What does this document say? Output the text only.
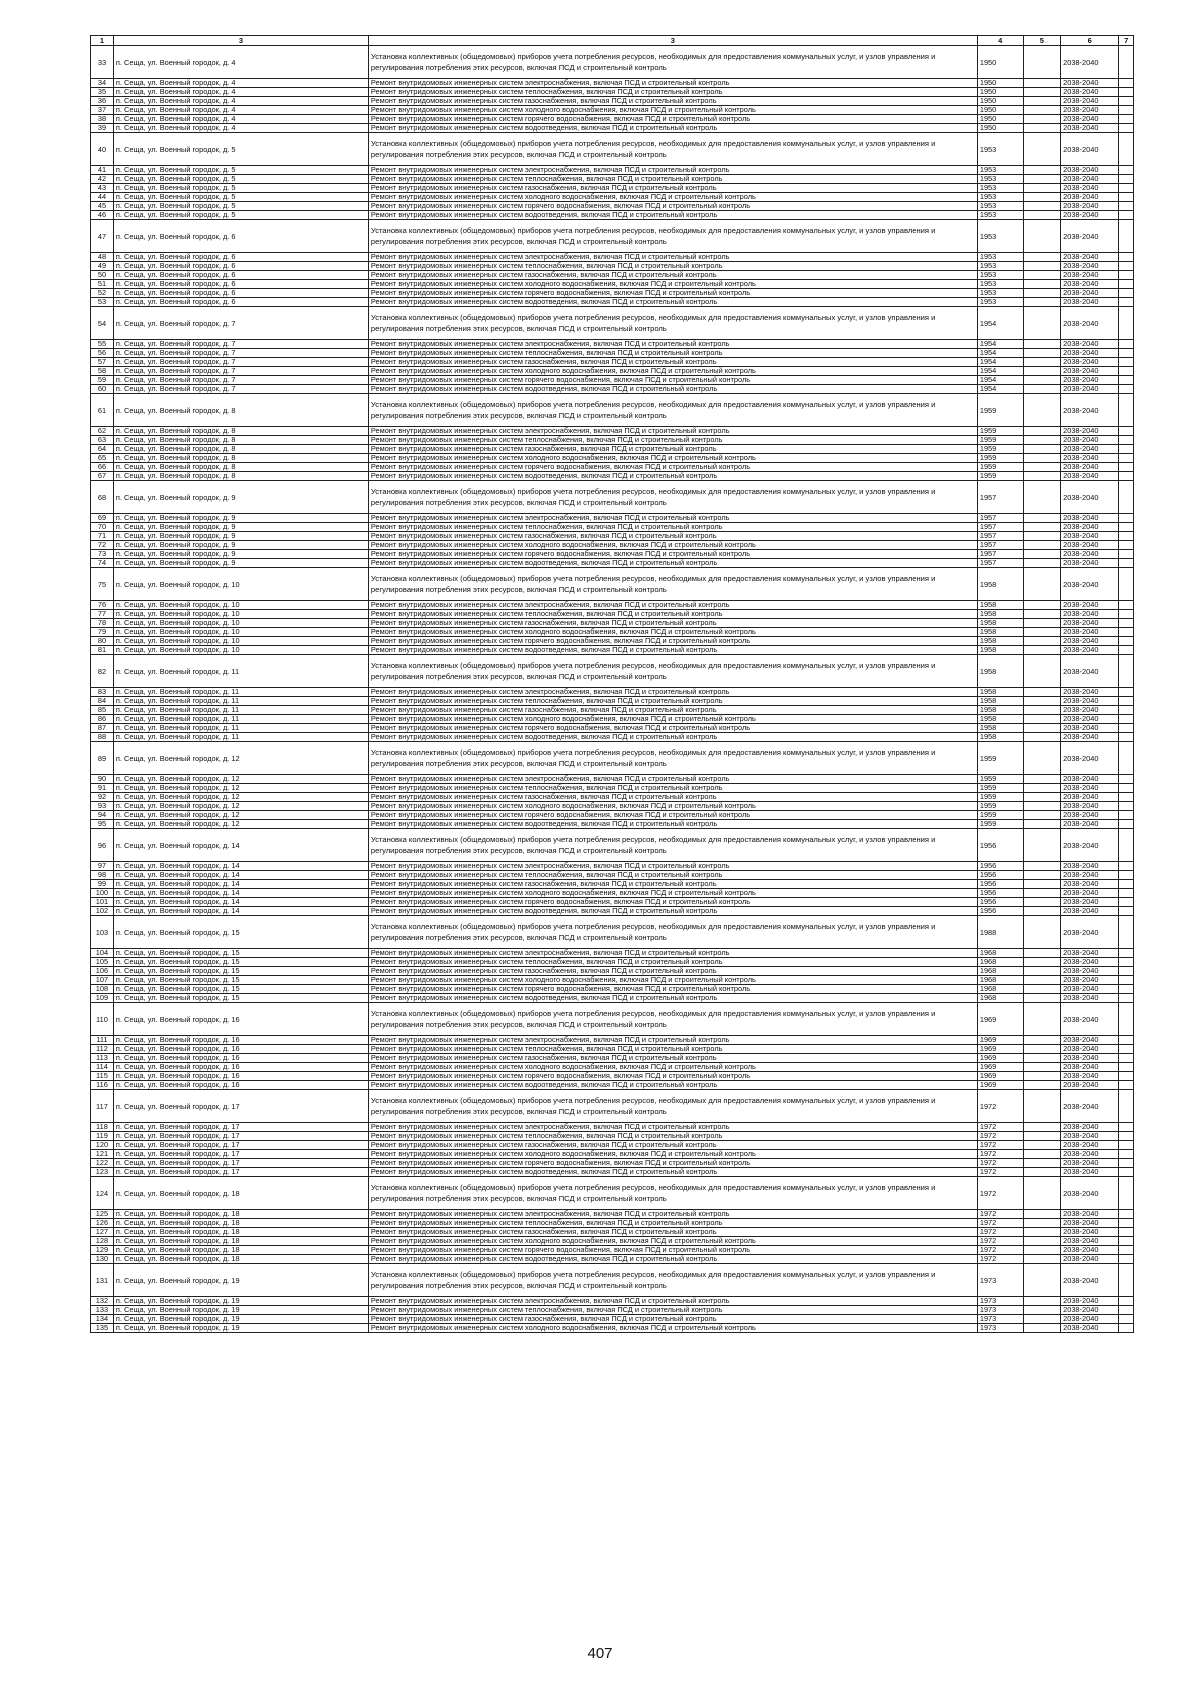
1	3	3	4	5	6	7
33	п. Сеща, ул. Военный городок, д. 4	Установка коллективных (общедомовых) приборов учета потребления ресурсов, необходимых для предоставления коммунальных услуг, и узлов управления и регулирования потребления этих ресурсов, включая ПСД и строительный контроль	1950		2038-2040	
34	п. Сеща, ул. Военный городок, д. 4	Ремонт внутридомовых инженерных систем электроснабжения, включая ПСД и строительный контроль	1950		2038-2040	
35	п. Сеща, ул. Военный городок, д. 4	Ремонт внутридомовых инженерных систем теплоснабжения, включая ПСД и строительный контроль	1950		2038-2040	
36	п. Сеща, ул. Военный городок, д. 4	Ремонт внутридомовых инженерных систем газоснабжения, включая ПСД и строительный контроль	1950		2038-2040	
37	п. Сеща, ул. Военный городок, д. 4	Ремонт внутридомовых инженерных систем холодного водоснабжения, включая ПСД и строительный контроль	1950		2038-2040	
38	п. Сеща, ул. Военный городок, д. 4	Ремонт внутридомовых инженерных систем горячего водоснабжения, включая ПСД и строительный контроль	1950		2038-2040	
39	п. Сеща, ул. Военный городок, д. 4	Ремонт внутридомовых инженерных систем водоотведения, включая ПСД и строительный контроль	1950		2038-2040	
40	п. Сеща, ул. Военный городок, д. 5	Установка коллективных (общедомовых) приборов учета потребления ресурсов, необходимых для предоставления коммунальных услуг, и узлов управления и регулирования потребления этих ресурсов, включая ПСД и строительный контроль	1953		2038-2040	
41	п. Сеща, ул. Военный городок, д. 5	Ремонт внутридомовых инженерных систем электроснабжения, включая ПСД и строительный контроль	1953		2038-2040	
42	п. Сеща, ул. Военный городок, д. 5	Ремонт внутридомовых инженерных систем теплоснабжения, включая ПСД и строительный контроль	1953		2038-2040	
43	п. Сеща, ул. Военный городок, д. 5	Ремонт внутридомовых инженерных систем газоснабжения, включая ПСД и строительный контроль	1953		2038-2040	
44	п. Сеща, ул. Военный городок, д. 5	Ремонт внутридомовых инженерных систем холодного водоснабжения, включая ПСД и строительный контроль	1953		2038-2040	
45	п. Сеща, ул. Военный городок, д. 5	Ремонт внутридомовых инженерных систем горячего водоснабжения, включая ПСД и строительный контроль	1953		2038-2040	
46	п. Сеща, ул. Военный городок, д. 5	Ремонт внутридомовых инженерных систем водоотведения, включая ПСД и строительный контроль	1953		2038-2040	
47	п. Сеща, ул. Военный городок, д. 6	Установка коллективных (общедомовых) приборов учета потребления ресурсов, необходимых для предоставления коммунальных услуг, и узлов управления и регулирования потребления этих ресурсов, включая ПСД и строительный контроль	1953		2038-2040	
48	п. Сеща, ул. Военный городок, д. 6	Ремонт внутридомовых инженерных систем электроснабжения, включая ПСД и строительный контроль	1953		2038-2040	
49	п. Сеща, ул. Военный городок, д. 6	Ремонт внутридомовых инженерных систем теплоснабжения, включая ПСД и строительный контроль	1953		2038-2040	
50	п. Сеща, ул. Военный городок, д. 6	Ремонт внутридомовых инженерных систем газоснабжения, включая ПСД и строительный контроль	1953		2038-2040	
51	п. Сеща, ул. Военный городок, д. 6	Ремонт внутридомовых инженерных систем холодного водоснабжения, включая ПСД и строительный контроль	1953		2038-2040	
52	п. Сеща, ул. Военный городок, д. 6	Ремонт внутридомовых инженерных систем горячего водоснабжения, включая ПСД и строительный контроль	1953		2038-2040	
53	п. Сеща, ул. Военный городок, д. 6	Ремонт внутридомовых инженерных систем водоотведения, включая ПСД и строительный контроль	1953		2038-2040	
54	п. Сеща, ул. Военный городок, д. 7	Установка коллективных (общедомовых) приборов учета потребления ресурсов, необходимых для предоставления коммунальных услуг, и узлов управления и регулирования потребления этих ресурсов, включая ПСД и строительный контроль	1954		2038-2040	
55	п. Сеща, ул. Военный городок, д. 7	Ремонт внутридомовых инженерных систем электроснабжения, включая ПСД и строительный контроль	1954		2038-2040	
56	п. Сеща, ул. Военный городок, д. 7	Ремонт внутридомовых инженерных систем теплоснабжения, включая ПСД и строительный контроль	1954		2038-2040	
57	п. Сеща, ул. Военный городок, д. 7	Ремонт внутридомовых инженерных систем газоснабжения, включая ПСД и строительный контроль	1954		2038-2040	
58	п. Сеща, ул. Военный городок, д. 7	Ремонт внутридомовых инженерных систем холодного водоснабжения, включая ПСД и строительный контроль	1954		2038-2040	
59	п. Сеща, ул. Военный городок, д. 7	Ремонт внутридомовых инженерных систем горячего водоснабжения, включая ПСД и строительный контроль	1954		2038-2040	
60	п. Сеща, ул. Военный городок, д. 7	Ремонт внутридомовых инженерных систем водоотведения, включая ПСД и строительный контроль	1954		2038-2040	
61	п. Сеща, ул. Военный городок, д. 8	Установка коллективных (общедомовых) приборов учета потребления ресурсов, необходимых для предоставления коммунальных услуг, и узлов управления и регулирования потребления этих ресурсов, включая ПСД и строительный контроль	1959		2038-2040	
62	п. Сеща, ул. Военный городок, д. 8	Ремонт внутридомовых инженерных систем электроснабжения, включая ПСД и строительный контроль	1959		2038-2040	
63	п. Сеща, ул. Военный городок, д. 8	Ремонт внутридомовых инженерных систем теплоснабжения, включая ПСД и строительный контроль	1959		2038-2040	
64	п. Сеща, ул. Военный городок, д. 8	Ремонт внутридомовых инженерных систем газоснабжения, включая ПСД и строительный контроль	1959		2038-2040	
65	п. Сеща, ул. Военный городок, д. 8	Ремонт внутридомовых инженерных систем холодного водоснабжения, включая ПСД и строительный контроль	1959		2038-2040	
66	п. Сеща, ул. Военный городок, д. 8	Ремонт внутридомовых инженерных систем горячего водоснабжения, включая ПСД и строительный контроль	1959		2038-2040	
67	п. Сеща, ул. Военный городок, д. 8	Ремонт внутридомовых инженерных систем водоотведения, включая ПСД и строительный контроль	1959		2038-2040	
68	п. Сеща, ул. Военный городок, д. 9	Установка коллективных (общедомовых) приборов учета потребления ресурсов, необходимых для предоставления коммунальных услуг, и узлов управления и регулирования потребления этих ресурсов, включая ПСД и строительный контроль	1957		2038-2040	
69	п. Сеща, ул. Военный городок, д. 9	Ремонт внутридомовых инженерных систем электроснабжения, включая ПСД и строительный контроль	1957		2038-2040	
70	п. Сеща, ул. Военный городок, д. 9	Ремонт внутридомовых инженерных систем теплоснабжения, включая ПСД и строительный контроль	1957		2038-2040	
71	п. Сеща, ул. Военный городок, д. 9	Ремонт внутридомовых инженерных систем газоснабжения, включая ПСД и строительный контроль	1957		2038-2040	
72	п. Сеща, ул. Военный городок, д. 9	Ремонт внутридомовых инженерных систем холодного водоснабжения, включая ПСД и строительный контроль	1957		2038-2040	
73	п. Сеща, ул. Военный городок, д. 9	Ремонт внутридомовых инженерных систем горячего водоснабжения, включая ПСД и строительный контроль	1957		2038-2040	
74	п. Сеща, ул. Военный городок, д. 9	Ремонт внутридомовых инженерных систем водоотведения, включая ПСД и строительный контроль	1957		2038-2040	
75	п. Сеща, ул. Военный городок, д. 10	Установка коллективных (общедомовых) приборов учета потребления ресурсов, необходимых для предоставления коммунальных услуг, и узлов управления и регулирования потребления этих ресурсов, включая ПСД и строительный контроль	1958		2038-2040	
76	п. Сеща, ул. Военный городок, д. 10	Ремонт внутридомовых инженерных систем электроснабжения, включая ПСД и строительный контроль	1958		2038-2040	
77	п. Сеща, ул. Военный городок, д. 10	Ремонт внутридомовых инженерных систем теплоснабжения, включая ПСД и строительный контроль	1958		2038-2040	
78	п. Сеща, ул. Военный городок, д. 10	Ремонт внутридомовых инженерных систем газоснабжения, включая ПСД и строительный контроль	1958		2038-2040	
79	п. Сеща, ул. Военный городок, д. 10	Ремонт внутридомовых инженерных систем холодного водоснабжения, включая ПСД и строительный контроль	1958		2038-2040	
80	п. Сеща, ул. Военный городок, д. 10	Ремонт внутридомовых инженерных систем горячего водоснабжения, включая ПСД и строительный контроль	1958		2038-2040	
81	п. Сеща, ул. Военный городок, д. 10	Ремонт внутридомовых инженерных систем водоотведения, включая ПСД и строительный контроль	1958		2038-2040	
82	п. Сеща, ул. Военный городок, д. 11	Установка коллективных (общедомовых) приборов учета потребления ресурсов, необходимых для предоставления коммунальных услуг, и узлов управления и регулирования потребления этих ресурсов, включая ПСД и строительный контроль	1958		2038-2040	
83	п. Сеща, ул. Военный городок, д. 11	Ремонт внутридомовых инженерных систем электроснабжения, включая ПСД и строительный контроль	1958		2038-2040	
84	п. Сеща, ул. Военный городок, д. 11	Ремонт внутридомовых инженерных систем теплоснабжения, включая ПСД и строительный контроль	1958		2038-2040	
85	п. Сеща, ул. Военный городок, д. 11	Ремонт внутридомовых инженерных систем газоснабжения, включая ПСД и строительный контроль	1958		2038-2040	
86	п. Сеща, ул. Военный городок, д. 11	Ремонт внутридомовых инженерных систем холодного водоснабжения, включая ПСД и строительный контроль	1958		2038-2040	
87	п. Сеща, ул. Военный городок, д. 11	Ремонт внутридомовых инженерных систем горячего водоснабжения, включая ПСД и строительный контроль	1958		2038-2040	
88	п. Сеща, ул. Военный городок, д. 11	Ремонт внутридомовых инженерных систем водоотведения, включая ПСД и строительный контроль	1958		2038-2040	
89	п. Сеща, ул. Военный городок, д. 12	Установка коллективных (общедомовых) приборов учета потребления ресурсов, необходимых для предоставления коммунальных услуг, и узлов управления и регулирования потребления этих ресурсов, включая ПСД и строительный контроль	1959		2038-2040	
90	п. Сеща, ул. Военный городок, д. 12	Ремонт внутридомовых инженерных систем электроснабжения, включая ПСД и строительный контроль	1959		2038-2040	
91	п. Сеща, ул. Военный городок, д. 12	Ремонт внутридомовых инженерных систем теплоснабжения, включая ПСД и строительный контроль	1959		2038-2040	
92	п. Сеща, ул. Военный городок, д. 12	Ремонт внутридомовых инженерных систем газоснабжения, включая ПСД и строительный контроль	1959		2038-2040	
93	п. Сеща, ул. Военный городок, д. 12	Ремонт внутридомовых инженерных систем холодного водоснабжения, включая ПСД и строительный контроль	1959		2038-2040	
94	п. Сеща, ул. Военный городок, д. 12	Ремонт внутридомовых инженерных систем горячего водоснабжения, включая ПСД и строительный контроль	1959		2038-2040	
95	п. Сеща, ул. Военный городок, д. 12	Ремонт внутридомовых инженерных систем водоотведения, включая ПСД и строительный контроль	1959		2038-2040	
96	п. Сеща, ул. Военный городок, д. 14	Установка коллективных (общедомовых) приборов учета потребления ресурсов, необходимых для предоставления коммунальных услуг, и узлов управления и регулирования потребления этих ресурсов, включая ПСД и строительный контроль	1956		2038-2040	
97	п. Сеща, ул. Военный городок, д. 14	Ремонт внутридомовых инженерных систем электроснабжения, включая ПСД и строительный контроль	1956		2038-2040	
98	п. Сеща, ул. Военный городок, д. 14	Ремонт внутридомовых инженерных систем теплоснабжения, включая ПСД и строительный контроль	1956		2038-2040	
99	п. Сеща, ул. Военный городок, д. 14	Ремонт внутридомовых инженерных систем газоснабжения, включая ПСД и строительный контроль	1956		2038-2040	
100	п. Сеща, ул. Военный городок, д. 14	Ремонт внутридомовых инженерных систем холодного водоснабжения, включая ПСД и строительный контроль	1956		2038-2040	
101	п. Сеща, ул. Военный городок, д. 14	Ремонт внутридомовых инженерных систем горячего водоснабжения, включая ПСД и строительный контроль	1956		2038-2040	
102	п. Сеща, ул. Военный городок, д. 14	Ремонт внутридомовых инженерных систем водоотведения, включая ПСД и строительный контроль	1956		2038-2040	
103	п. Сеща, ул. Военный городок, д. 15	Установка коллективных (общедомовых) приборов учета потребления ресурсов, необходимых для предоставления коммунальных услуг, и узлов управления и регулирования потребления этих ресурсов, включая ПСД и строительный контроль	1988		2038-2040	
104	п. Сеща, ул. Военный городок, д. 15	Ремонт внутридомовых инженерных систем электроснабжения, включая ПСД и строительный контроль	1968		2038-2040	
105	п. Сеща, ул. Военный городок, д. 15	Ремонт внутридомовых инженерных систем теплоснабжения, включая ПСД и строительный контроль	1968		2038-2040	
106	п. Сеща, ул. Военный городок, д. 15	Ремонт внутридомовых инженерных систем газоснабжения, включая ПСД и строительный контроль	1968		2038-2040	
107	п. Сеща, ул. Военный городок, д. 15	Ремонт внутридомовых инженерных систем холодного водоснабжения, включая ПСД и строительный контроль	1968		2038-2040	
108	п. Сеща, ул. Военный городок, д. 15	Ремонт внутридомовых инженерных систем горячего водоснабжения, включая ПСД и строительный контроль	1968		2038-2040	
109	п. Сеща, ул. Военный городок, д. 15	Ремонт внутридомовых инженерных систем водоотведения, включая ПСД и строительный контроль	1968		2038-2040	
110	п. Сеща, ул. Военный городок, д. 16	Установка коллективных (общедомовых) приборов учета потребления ресурсов, необходимых для предоставления коммунальных услуг, и узлов управления и регулирования потребления этих ресурсов, включая ПСД и строительный контроль	1969		2038-2040	
111	п. Сеща, ул. Военный городок, д. 16	Ремонт внутридомовых инженерных систем электроснабжения, включая ПСД и строительный контроль	1969		2038-2040	
112	п. Сеща, ул. Военный городок, д. 16	Ремонт внутридомовых инженерных систем теплоснабжения, включая ПСД и строительный контроль	1969		2038-2040	
113	п. Сеща, ул. Военный городок, д. 16	Ремонт внутридомовых инженерных систем газоснабжения, включая ПСД и строительный контроль	1969		2038-2040	
114	п. Сеща, ул. Военный городок, д. 16	Ремонт внутридомовых инженерных систем холодного водоснабжения, включая ПСД и строительный контроль	1969		2038-2040	
115	п. Сеща, ул. Военный городок, д. 16	Ремонт внутридомовых инженерных систем горячего водоснабжения, включая ПСД и строительный контроль	1969		2038-2040	
116	п. Сеща, ул. Военный городок, д. 16	Ремонт внутридомовых инженерных систем водоотведения, включая ПСД и строительный контроль	1969		2038-2040	
117	п. Сеща, ул. Военный городок, д. 17	Установка коллективных (общедомовых) приборов учета потребления ресурсов, необходимых для предоставления коммунальных услуг, и узлов управления и регулирования потребления этих ресурсов, включая ПСД и строительный контроль	1972		2038-2040	
118	п. Сеща, ул. Военный городок, д. 17	Ремонт внутридомовых инженерных систем электроснабжения, включая ПСД и строительный контроль	1972		2038-2040	
119	п. Сеща, ул. Военный городок, д. 17	Ремонт внутридомовых инженерных систем теплоснабжения, включая ПСД и строительный контроль	1972		2038-2040	
120	п. Сеща, ул. Военный городок, д. 17	Ремонт внутридомовых инженерных систем газоснабжения, включая ПСД и строительный контроль	1972		2038-2040	
121	п. Сеща, ул. Военный городок, д. 17	Ремонт внутридомовых инженерных систем холодного водоснабжения, включая ПСД и строительный контроль	1972		2038-2040	
122	п. Сеща, ул. Военный городок, д. 17	Ремонт внутридомовых инженерных систем горячего водоснабжения, включая ПСД и строительный контроль	1972		2038-2040	
123	п. Сеща, ул. Военный городок, д. 17	Ремонт внутридомовых инженерных систем водоотведения, включая ПСД и строительный контроль	1972		2038-2040	
124	п. Сеща, ул. Военный городок, д. 18	Установка коллективных (общедомовых) приборов учета потребления ресурсов, необходимых для предоставления коммунальных услуг, и узлов управления и регулирования потребления этих ресурсов, включая ПСД и строительный контроль	1972		2038-2040	
125	п. Сеща, ул. Военный городок, д. 18	Ремонт внутридомовых инженерных систем электроснабжения, включая ПСД и строительный контроль	1972		2038-2040	
126	п. Сеща, ул. Военный городок, д. 18	Ремонт внутридомовых инженерных систем теплоснабжения, включая ПСД и строительный контроль	1972		2038-2040	
127	п. Сеща, ул. Военный городок, д. 18	Ремонт внутридомовых инженерных систем газоснабжения, включая ПСД и строительный контроль	1972		2038-2040	
128	п. Сеща, ул. Военный городок, д. 18	Ремонт внутридомовых инженерных систем холодного водоснабжения, включая ПСД и строительный контроль	1972		2038-2040	
129	п. Сеща, ул. Военный городок, д. 18	Ремонт внутридомовых инженерных систем горячего водоснабжения, включая ПСД и строительный контроль	1972		2038-2040	
130	п. Сеща, ул. Военный городок, д. 18	Ремонт внутридомовых инженерных систем водоотведения, включая ПСД и строительный контроль	1972		2038-2040	
131	п. Сеща, ул. Военный городок, д. 19	Установка коллективных (общедомовых) приборов учета потребления ресурсов, необходимых для предоставления коммунальных услуг, и узлов управления и регулирования потребления этих ресурсов, включая ПСД и строительный контроль	1973		2038-2040	
132	п. Сеща, ул. Военный городок, д. 19	Ремонт внутридомовых инженерных систем электроснабжения, включая ПСД и строительный контроль	1973		2038-2040	
133	п. Сеща, ул. Военный городок, д. 19	Ремонт внутридомовых инженерных систем теплоснабжения, включая ПСД и строительный контроль	1973		2038-2040	
134	п. Сеща, ул. Военный городок, д. 19	Ремонт внутридомовых инженерных систем газоснабжения, включая ПСД и строительный контроль	1973		2038-2040	
135	п. Сеща, ул. Военный городок, д. 19	Ремонт внутридомовых инженерных систем холодного водоснабжения, включая ПСД и строительный контроль	1973		2038-2040	
407
